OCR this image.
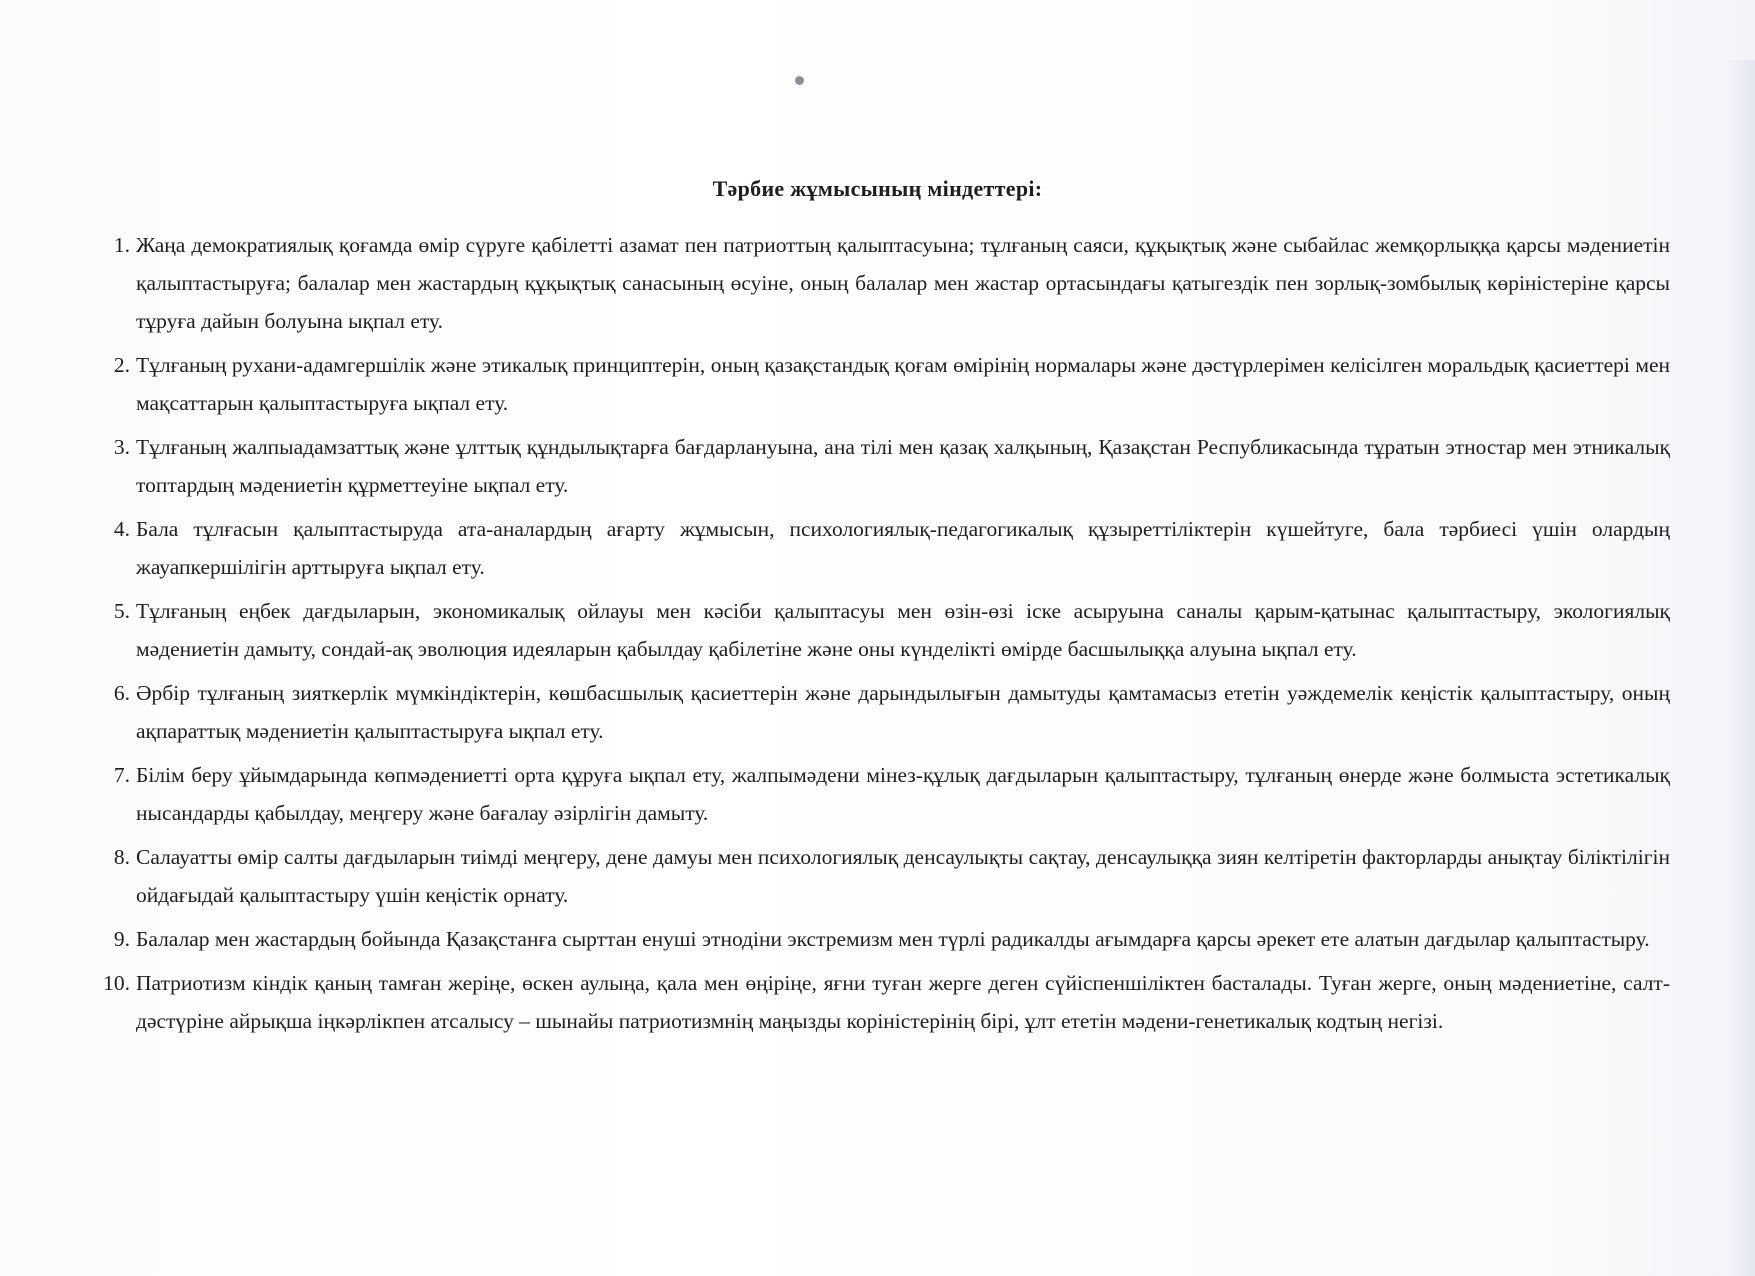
Тәрбие жұмысының міндеттері:
1. Жаңа демократиялық қоғамда өмір сүруге қабілетті азамат пен патриоттың қалыптасуына; тұлғаның саяси, құқықтық және сыбайлас жемқорлыққа қарсы мәдениетін қалыптастыруға; балалар мен жастардың құқықтық санасының өсуіне, оның балалар мен жастар ортасындағы қатыгездік пен зорлық-зомбылық көріністеріне қарсы тұруға дайын болуына ықпал ету.
2. Тұлғаның рухани-адамгершілік және этикалық принциптерін, оның қазақстандық қоғам өмірінің нормалары және дәстүрлерімен келісілген моральдық қасиеттері мен мақсаттарын қалыптастыруға ықпал ету.
3. Тұлғаның жалпыадамзаттық және ұлттық құндылықтарға бағдарлануына, ана тілі мен қазақ халқының, Қазақстан Республикасында тұратын этностар мен этникалық топтардың мәдениетін құрметтеуіне ықпал ету.
4. Бала тұлғасын қалыптастыруда ата-аналардың ағарту жұмысын, психологиялық-педагогикалық құзыреттіліктерін күшейтуге, бала тәрбиесі үшін олардың жауапкершілігін арттыруға ықпал ету.
5. Тұлғаның еңбек дағдыларын, экономикалық ойлауы мен кәсіби қалыптасуы мен өзін-өзі іске асыруына саналы қарым-қатынас қалыптастыру, экологиялық мәдениетін дамыту, сондай-ақ эволюция идеяларын қабылдау қабілетіне және оны күнделікті өмірде басшылыққа алуына ықпал ету.
6. Әрбір тұлғаның зияткерлік мүмкіндіктерін, көшбасшылық қасиеттерін және дарындылығын дамытуды қамтамасыз ететін уәждемелік кеңістік қалыптастыру, оның ақпараттық мәдениетін қалыптастыруға ықпал ету.
7. Білім беру ұйымдарында көпмәдениетті орта құруға ықпал ету, жалпымәдени мінез-құлық дағдыларын қалыптастыру, тұлғаның өнерде және болмыста эстетикалық нысандарды қабылдау, меңгеру және бағалау әзірлігін дамыту.
8. Салауатты өмір салты дағдыларын тиімді меңгеру, дене дамуы мен психологиялық денсаулықты сақтау, денсаулыққа зиян келтіретін факторларды анықтау біліктілігін ойдағыдай қалыптастыру үшін кеңістік орнату.
9. Балалар мен жастардың бойында Қазақстанға сырттан енуші этнодіни экстремизм мен түрлі радикалды ағымдарға қарсы әрекет ете алатын дағдылар қалыптастыру.
10. Патриотизм кіндік қаның тамған жеріңе, өскен аулыңа, қала мен өңіріңе, яғни туған жерге деген сүйіспеншіліктен басталады. Туған жерге, оның мәдениетіне, салт-дәстүріне айрықша іңкәрлікпен атсалысу – шынайы патриотизмнің маңызды коріністерінің бірі, ұлт ететін мәдени-генетикалық кодтың негізі.
